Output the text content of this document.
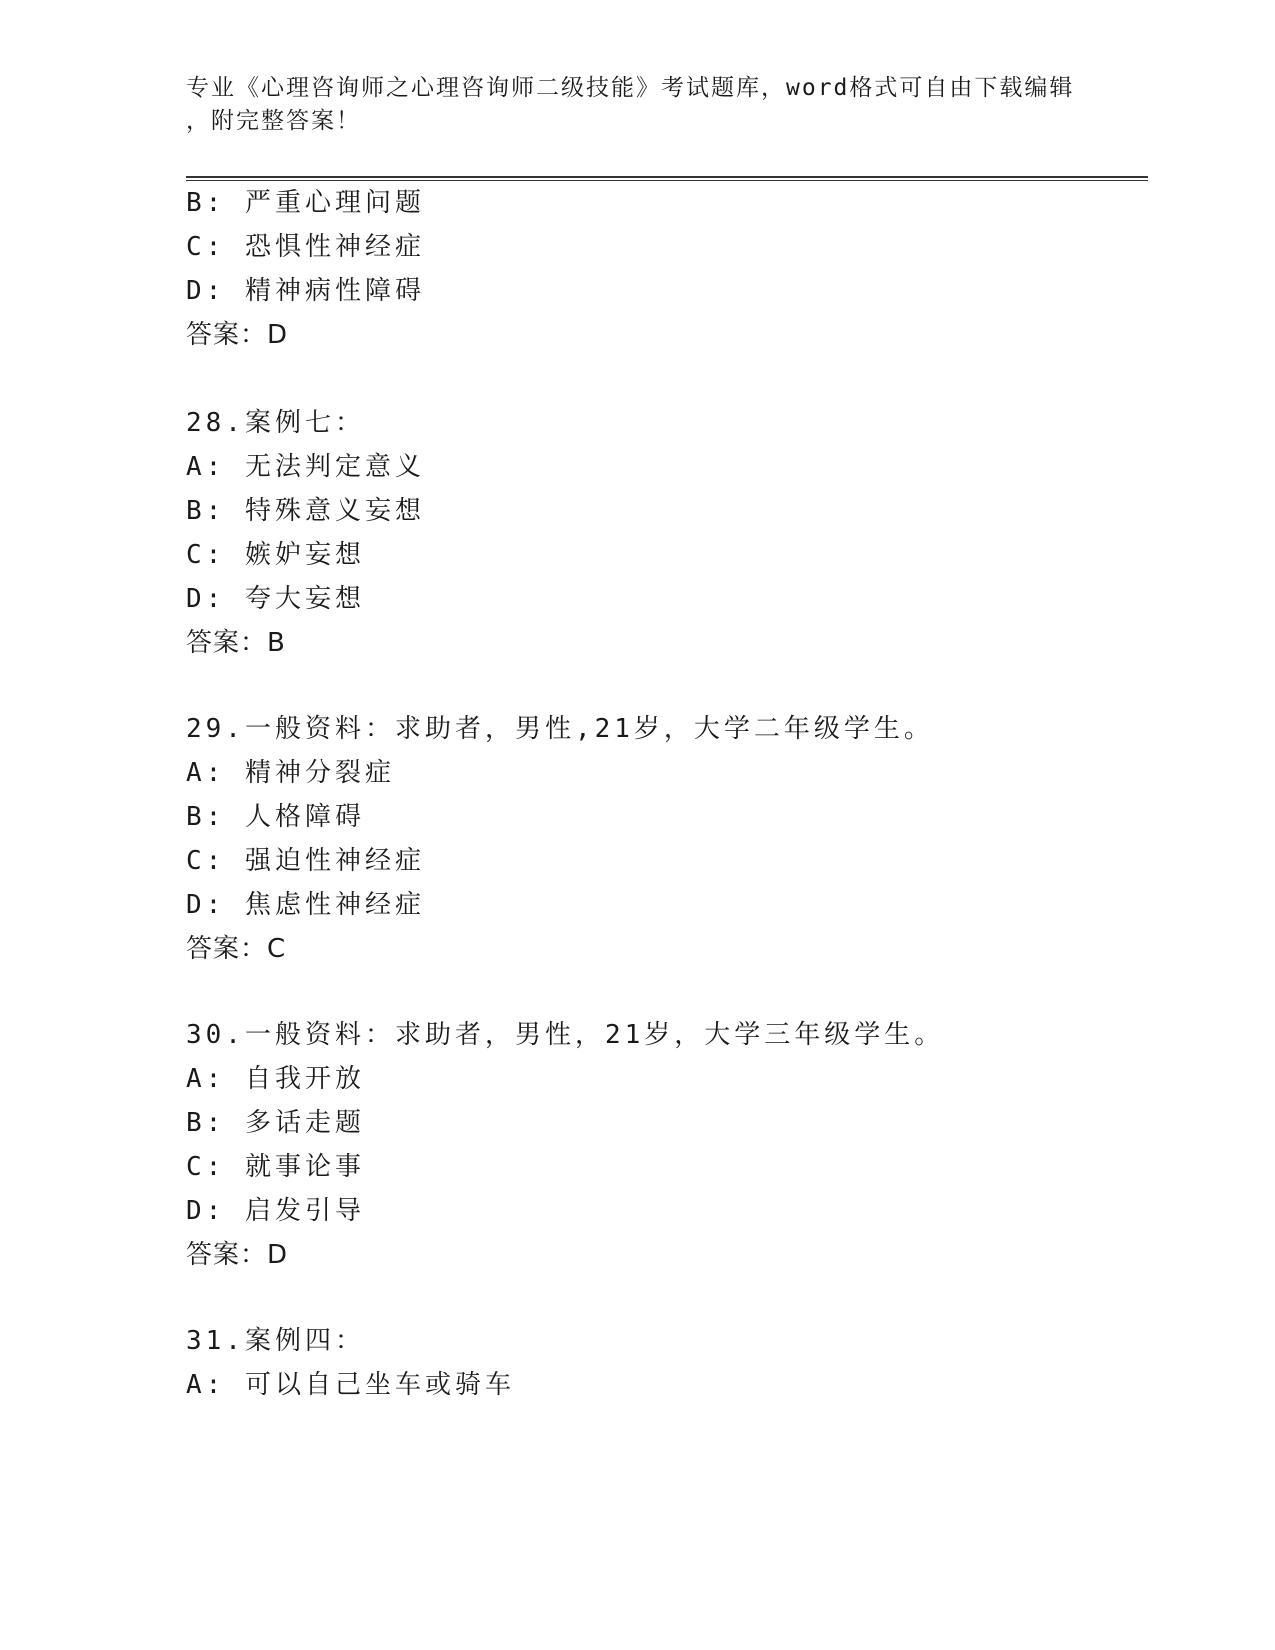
专业《心理咨询师之心理咨询师二级技能》考试题库，word格式可自由下载编辑
，附完整答案！
B: 严重心理问题
C: 恐惧性神经症
D: 精神病性障碍
答案：D
28.案例七：
A: 无法判定意义
B: 特殊意义妄想
C: 嫉妒妄想
D: 夸大妄想
答案：B
29.一般资料：求助者，男性,21岁，大学二年级学生。
A: 精神分裂症
B: 人格障碍
C: 强迫性神经症
D: 焦虑性神经症
答案：C
30.一般资料：求助者，男性，21岁，大学三年级学生。
A: 自我开放
B: 多话走题
C: 就事论事
D: 启发引导
答案：D
31.案例四：
A: 可以自己坐车或骑车
